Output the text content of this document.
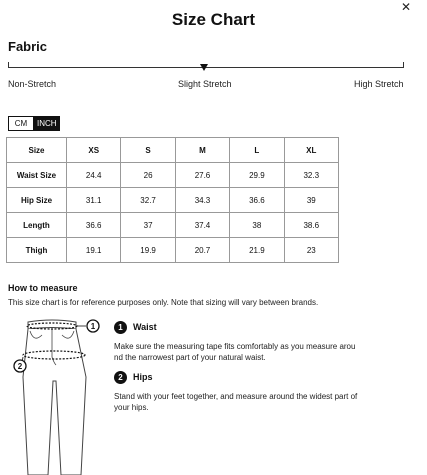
✕
Size Chart
Fabric
Non-Stretch	Slight Stretch	High Stretch
CM	INCH
Size	XS	S	M	L	XL
Waist Size	24.4	26	27.6	29.9	32.3
Hip Size	31.1	32.7	34.3	36.6	39
Length	36.6	37	37.4	38	38.6
Thigh	19.1	19.9	20.7	21.9	23
How to measure
This size chart is for reference purposes only. Note that sizing will vary between brands.
1
2
1	Waist
Make sure the measuring tape fits comfortably as you measure arou
nd the narrowest part of your natural waist.
2	Hips
Stand with your feet together, and measure around the widest part of
your hips.
